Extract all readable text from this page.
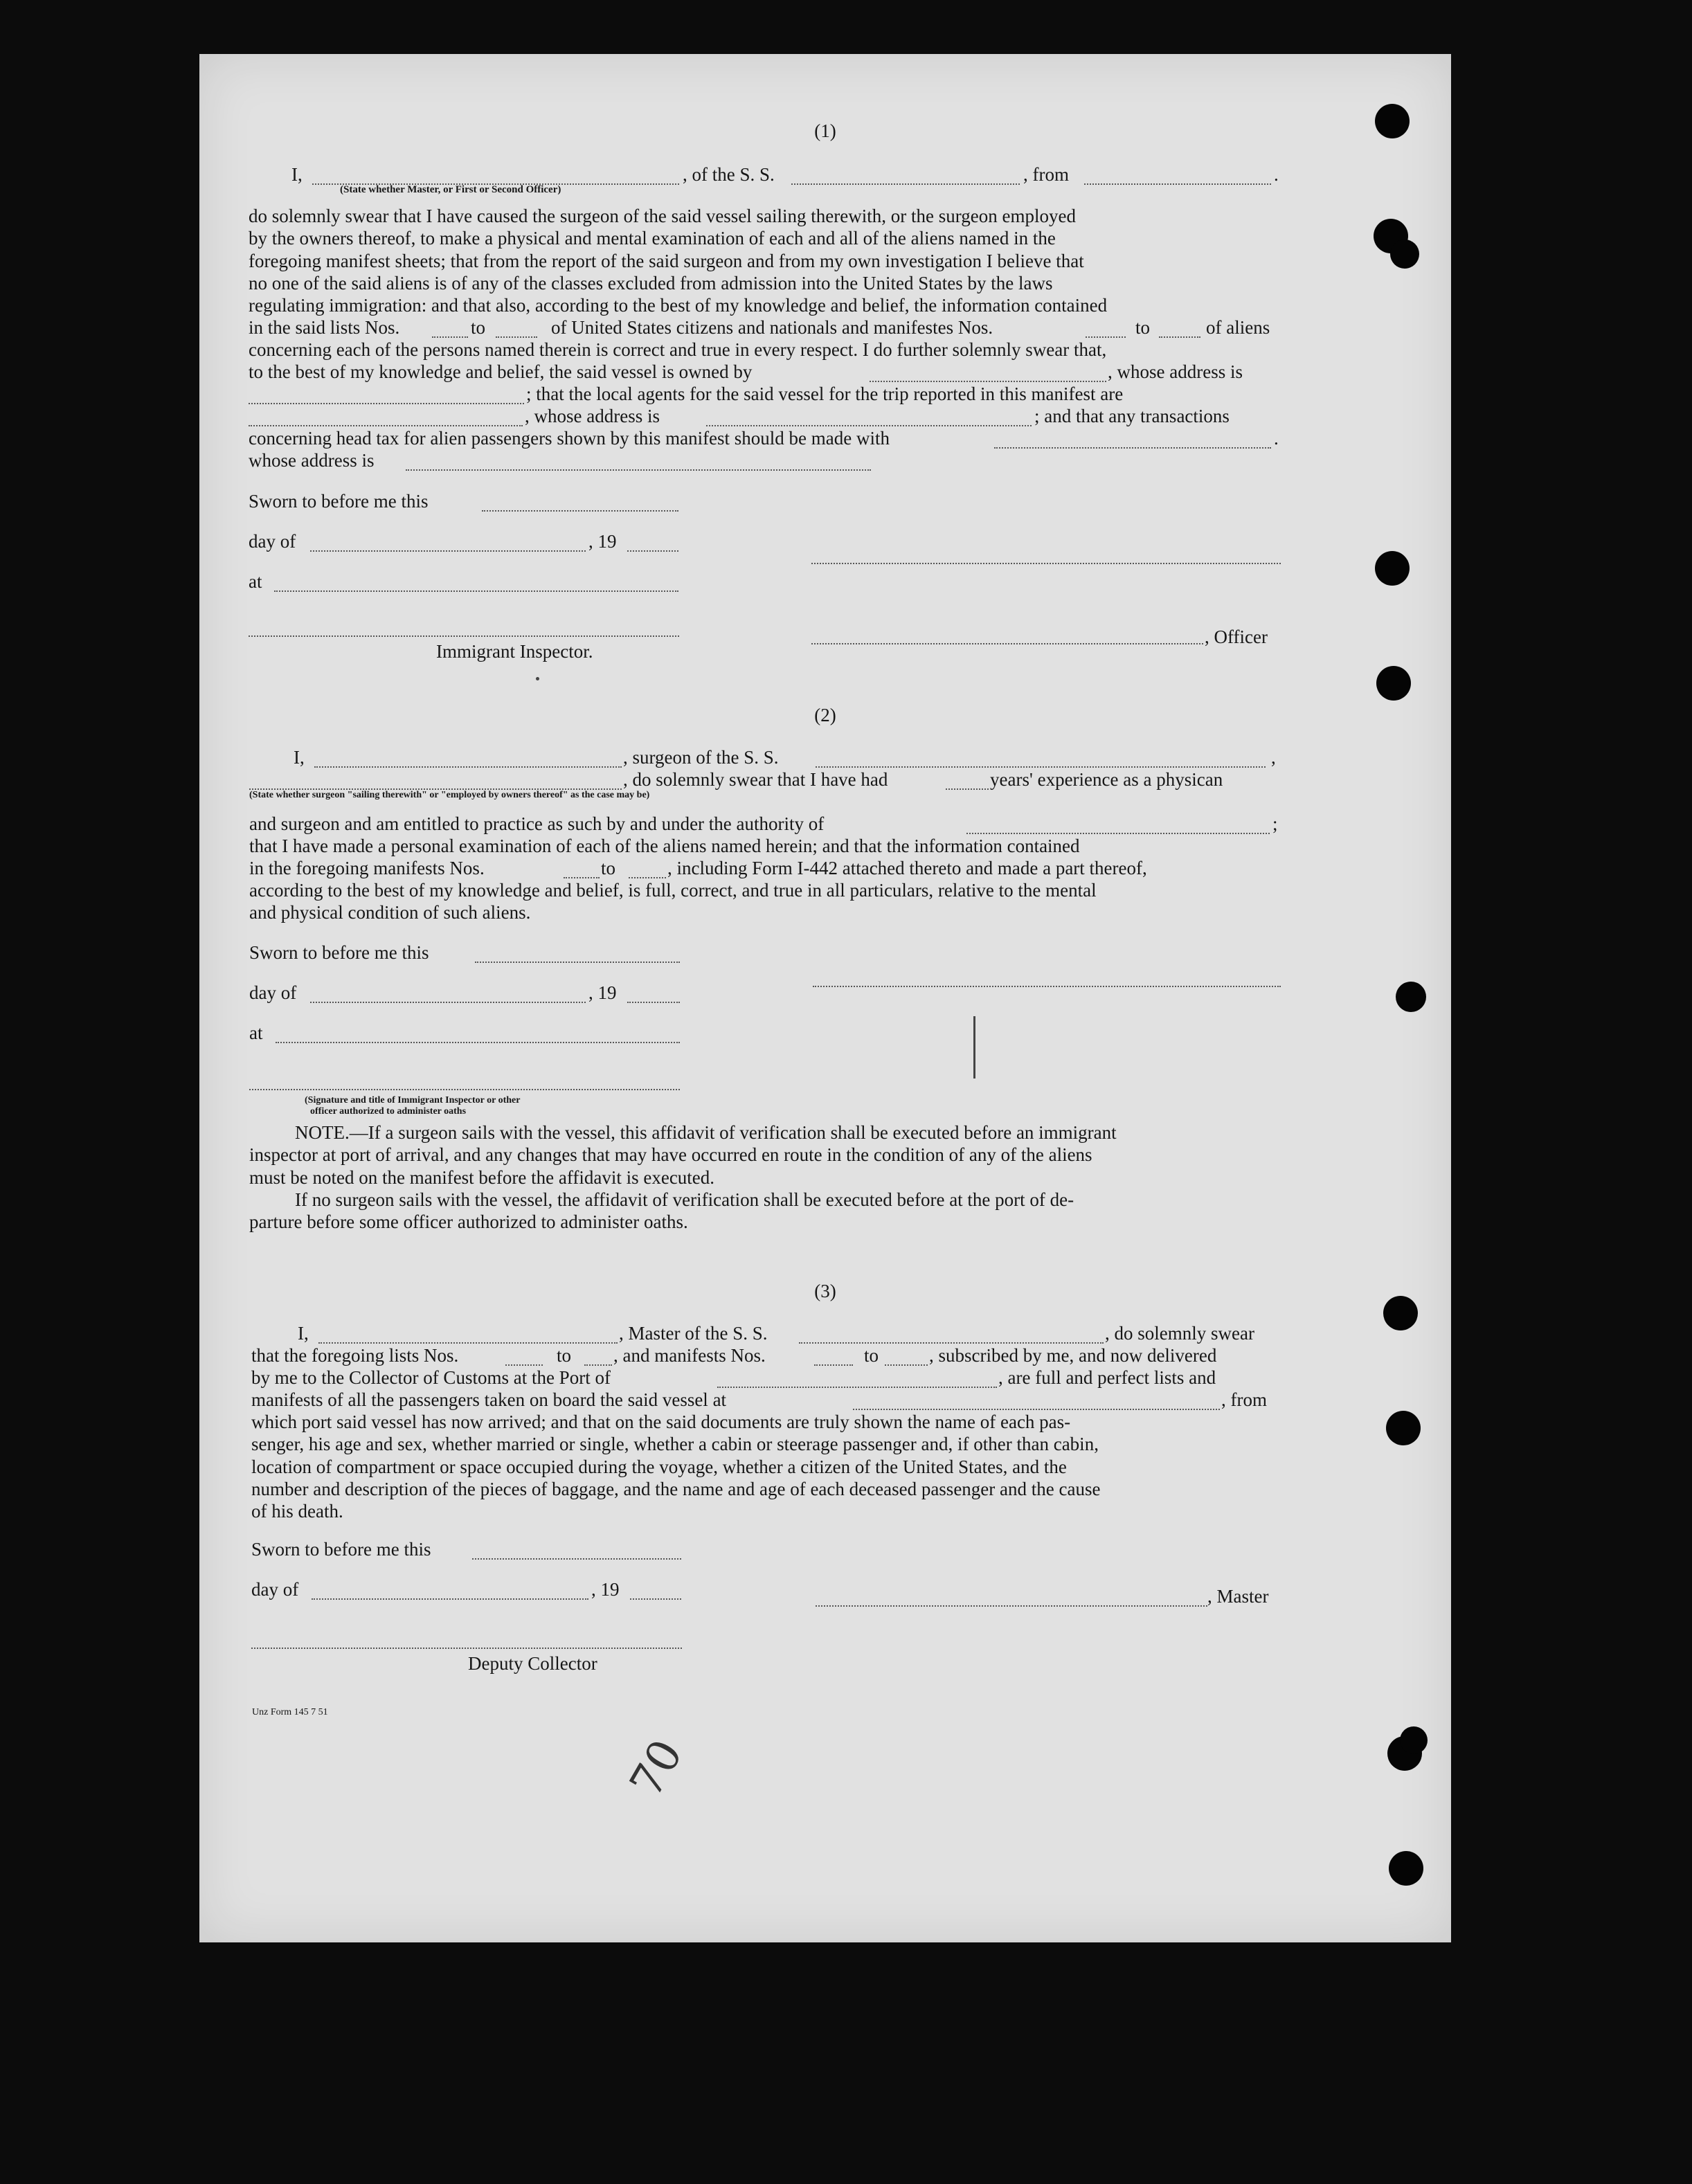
(1)
I,	, of the S. S.	, from	.
(State whether Master, or First or Second Officer)
do solemnly swear that I have caused the surgeon of the said vessel sailing therewith, or the surgeon employed
by the owners thereof, to make a physical and mental examination of each and all of the aliens named in the
foregoing manifest sheets; that from the report of the said surgeon and from my own investigation I believe that
no one of the said aliens is of any of the classes excluded from admission into the United States by the laws
regulating immigration: and that also, according to the best of my knowledge and belief, the information contained
in the said lists Nos.	to	of United States citizens and nationals and manifestes Nos.	to	of aliens
concerning each of the persons named therein is correct and true in every respect. I do further solemnly swear that,
to the best of my knowledge and belief, the said vessel is owned by	, whose address is
; that the local agents for the said vessel for the trip reported in this manifest are
, whose address is	; and that any transactions
concerning head tax for alien passengers shown by this manifest should be made with	.
whose address is
Sworn to before me this
day of	, 19
at
, Officer
Immigrant Inspector.
(2)
I,	, surgeon of the S. S.	,
, do solemnly swear that I have had	years' experience as a physican
(State whether surgeon "sailing therewith" or "employed by owners thereof" as the case may be)
and surgeon and am entitled to practice as such by and under the authority of	;
that I have made a personal examination of each of the aliens named herein; and that the information contained
in the foregoing manifests Nos.	to	, including Form I-442 attached thereto and made a part thereof,
according to the best of my knowledge and belief, is full, correct, and true in all particulars, relative to the mental
and physical condition of such aliens.
Sworn to before me this
day of	, 19
at
(Signature and title of Immigrant Inspector or other
officer authorized to administer oaths
NOTE.—If a surgeon sails with the vessel, this affidavit of verification shall be executed before an immigrant
inspector at port of arrival, and any changes that may have occurred en route in the condition of any of the aliens
must be noted on the manifest before the affidavit is executed.
If no surgeon sails with the vessel, the affidavit of verification shall be executed before at the port of de-
parture before some officer authorized to administer oaths.
(3)
I,	, Master of the S. S.	, do solemnly swear
that the foregoing lists Nos.	to , and manifests Nos.	to	, subscribed by me, and now delivered
by me to the Collector of Customs at the Port of	, are full and perfect lists and
manifests of all the passengers taken on board the said vessel at	, from
which port said vessel has now arrived; and that on the said documents are truly shown the name of each pas-
senger, his age and sex, whether married or single, whether a cabin or steerage passenger and, if other than cabin,
location of compartment or space occupied during the voyage, whether a citizen of the United States, and the
number and description of the pieces of baggage, and the name and age of each deceased passenger and the cause
of his death.
Sworn to before me this
day of	, 19	, Master
Deputy Collector
Unz Form 145 7 51
70
